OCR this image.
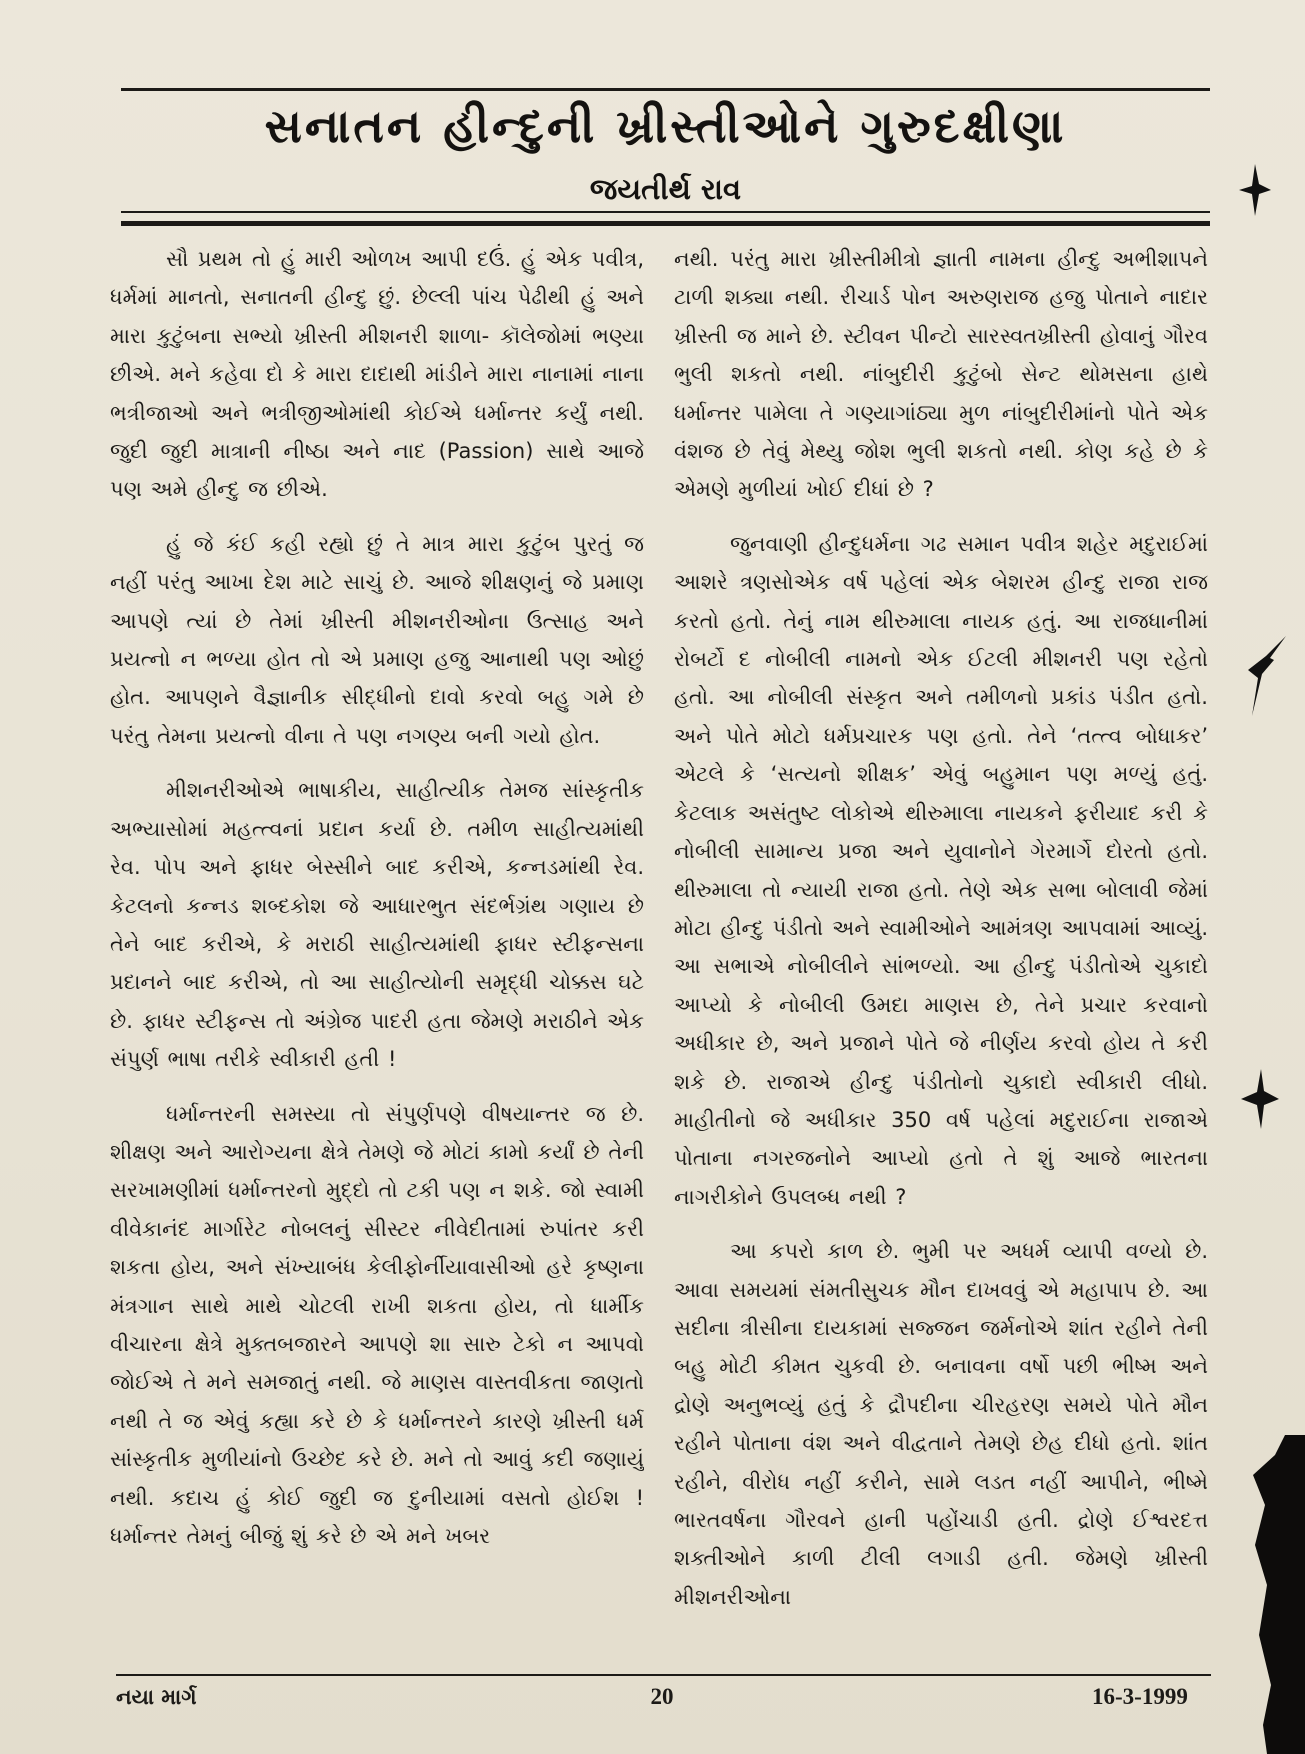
સનાતન હીન્દુની ખ્રીસ્તીઓને ગુરુદક્ષીણા
જયતીર્થ રાવ

સૌ પ્રથમ તો હું મારી ઓળખ આપી દઉં. હું એક પવીત્ર, ધર્મમાં માનતો, સનાતની હીન્દુ છું. છેલ્લી પાંચ પેઢીથી હું અને મારા કુટુંબના સભ્યો ખ્રીસ્તી મીશનરી શાળા- કૉલેજોમાં ભણ્યા છીએ. મને કહેવા દો કે મારા દાદાથી માંડીને મારા નાનામાં નાના ભત્રીજાઓ અને ભત્રીજીઓમાંથી કોઈએ ધર્માન્તર કર્યું નથી. જુદી જુદી માત્રાની નીષ્ઠા અને નાદ (Passion) સાથે આજે પણ અમે હીન્દુ જ છીએ.

હું જે કંઈ કહી રહ્યો છું તે માત્ર મારા કુટુંબ પુરતું જ નહીં પરંતુ આખા દેશ માટે સાચું છે. આજે શીક્ષણનું જે પ્રમાણ આપણે ત્યાં છે તેમાં ખ્રીસ્તી મીશનરીઓના ઉત્સાહ અને પ્રયત્નો ન ભળ્યા હોત તો એ પ્રમાણ હજુ આનાથી પણ ઓછું હોત. આપણને વૈજ્ઞાનીક સીદ્ધીનો દાવો કરવો બહુ ગમે છે પરંતુ તેમના પ્રયત્નો વીના તે પણ નગણ્ય બની ગયો હોત.

મીશનરીઓએ ભાષાકીય, સાહીત્યીક તેમજ સાંસ્કૃતીક અભ્યાસોમાં મહત્ત્વનાં પ્રદાન કર્યા છે. તમીળ સાહીત્યમાંથી રેવ. પોપ અને ફાધર બેસ્સીને બાદ કરીએ, કન્નડમાંથી રેવ. કેટલનો કન્નડ શબ્દકોશ જે આધારભુત સંદર્ભગ્રંથ ગણાય છે તેને બાદ કરીએ, કે મરાઠી સાહીત્યમાંથી ફાધર સ્ટીફન્સના પ્રદાનને બાદ કરીએ, તો આ સાહીત્યોની સમૃદ્ધી ચોક્કસ ઘટે છે. ફાધર સ્ટીફન્સ તો અંગ્રેજ પાદરી હતા જેમણે મરાઠીને એક સંપુર્ણ ભાષા તરીકે સ્વીકારી હતી !

ધર્માન્તરની સમસ્યા તો સંપુર્ણપણે વીષયાન્તર જ છે. શીક્ષણ અને આરોગ્યના ક્ષેત્રે તેમણે જે મોટાં કામો કર્યાં છે તેની સરખામણીમાં ધર્માન્તરનો મુદ્દો તો ટકી પણ ન શકે. જો સ્વામી વીવેકાનંદ માર્ગારેટ નોબલનું સીસ્ટર નીવેદીતામાં રુપાંતર કરી શકતા હોય, અને સંખ્યાબંધ કેલીફોર્નીયાવાસીઓ હરે કૃષ્ણના મંત્રગાન સાથે માથે ચોટલી રાખી શકતા હોય, તો ધાર્મીક વીચારના ક્ષેત્રે મુક્તબજારને આપણે શા સારુ ટેકો ન આપવો જોઈએ તે મને સમજાતું નથી. જે માણસ વાસ્તવીકતા જાણતો નથી તે જ એવું કહ્યા કરે છે કે ધર્માન્તરને કારણે ખ્રીસ્તી ધર્મ સાંસ્કૃતીક મુળીયાંનો ઉચ્છેદ કરે છે. મને તો આવું કદી જણાયું નથી. કદાચ હું કોઈ જુદી જ દુનીયામાં વસતો હોઈશ ! ધર્માન્તર તેમનું બીજું શું કરે છે એ મને ખબર

નથી. પરંતુ મારા ખ્રીસ્તીમીત્રો જ્ઞાતી નામના હીન્દુ અભીશાપને ટાળી શક્યા નથી. રીચાર્ડ પોન અરુણરાજ હજુ પોતાને નાદાર ખ્રીસ્તી જ માને છે. સ્ટીવન પીન્ટો સારસ્વતખ્રીસ્તી હોવાનું ગૌરવ ભુલી શકતો નથી. નાંબુદીરી કુટુંબો સેન્ટ થોમસના હાથે ધર્માન્તર પામેલા તે ગણ્યાગાંઠ્યા મુળ નાંબુદીરીમાંનો પોતે એક વંશજ છે તેવું મેથ્યુ જોશ ભુલી શકતો નથી. કોણ કહે છે કે એમણે મુળીયાં ખોઈ દીધાં છે ?

જુનવાણી હીન્દુધર્મના ગઢ સમાન પવીત્ર શહેર મદુરાઈમાં આશરે ત્રણસોએક વર્ષ પહેલાં એક બેશરમ હીન્દુ રાજા રાજ કરતો હતો. તેનું નામ થીરુમાલા નાયક હતું. આ રાજધાનીમાં રોબર્ટો દ નોબીલી નામનો એક ઈટલી મીશનરી પણ રહેતો હતો. આ નોબીલી સંસ્કૃત અને તમીળનો પ્રકાંડ પંડીત હતો. અને પોતે મોટો ધર્મપ્રચારક પણ હતો. તેને ‘તત્ત્વ બોધાકર’ એટલે કે ‘સત્યનો શીક્ષક’ એવું બહુમાન પણ મળ્યું હતું. કેટલાક અસંતુષ્ટ લોકોએ થીરુમાલા નાયકને ફરીયાદ કરી કે નોબીલી સામાન્ય પ્રજા અને યુવાનોને ગેરમાર્ગે દોરતો હતો. થીરુમાલા તો ન્યાયી રાજા હતો. તેણે એક સભા બોલાવી જેમાં મોટા હીન્દુ પંડીતો અને સ્વામીઓને આમંત્રણ આપવામાં આવ્યું. આ સભાએ નોબીલીને સાંભળ્યો. આ હીન્દુ પંડીતોએ ચુકાદો આપ્યો કે નોબીલી ઉમદા માણસ છે, તેને પ્રચાર કરવાનો અધીકાર છે, અને પ્રજાને પોતે જે નીર્ણય કરવો હોય તે કરી શકે છે. રાજાએ હીન્દુ પંડીતોનો ચુકાદો સ્વીકારી લીધો. માહીતીનો જે અધીકાર 350 વર્ષ પહેલાં મદુરાઈના રાજાએ પોતાના નગરજનોને આપ્યો હતો તે શું આજે ભારતના નાગરીકોને ઉપલબ્ધ નથી ?

આ કપરો કાળ છે. ભુમી પર અધર્મ વ્યાપી વળ્યો છે. આવા સમયમાં સંમતીસુચક મૌન દાખવવું એ મહાપાપ છે. આ સદીના ત્રીસીના દાયકામાં સજ્જન જર્મનોએ શાંત રહીને તેની બહુ મોટી કીમત ચુકવી છે. બનાવના વર્ષો પછી ભીષ્મ અને દ્રોણે અનુભવ્યું હતું કે દ્રૌપદીના ચીરહરણ સમયે પોતે મૌન રહીને પોતાના વંશ અને વીદ્વતાને તેમણે છેહ દીધો હતો. શાંત રહીને, વીરોધ નહીં કરીને, સામે લડત નહીં આપીને, ભીષ્મે ભારતવર્ષના ગૌરવને હાની પહોંચાડી હતી. દ્રોણે ઈશ્વરદત્ત શક્તીઓને કાળી ટીલી લગાડી હતી. જેમણે ખ્રીસ્તી મીશનરીઓના

નયા માર્ગ	20	16-3-1999
